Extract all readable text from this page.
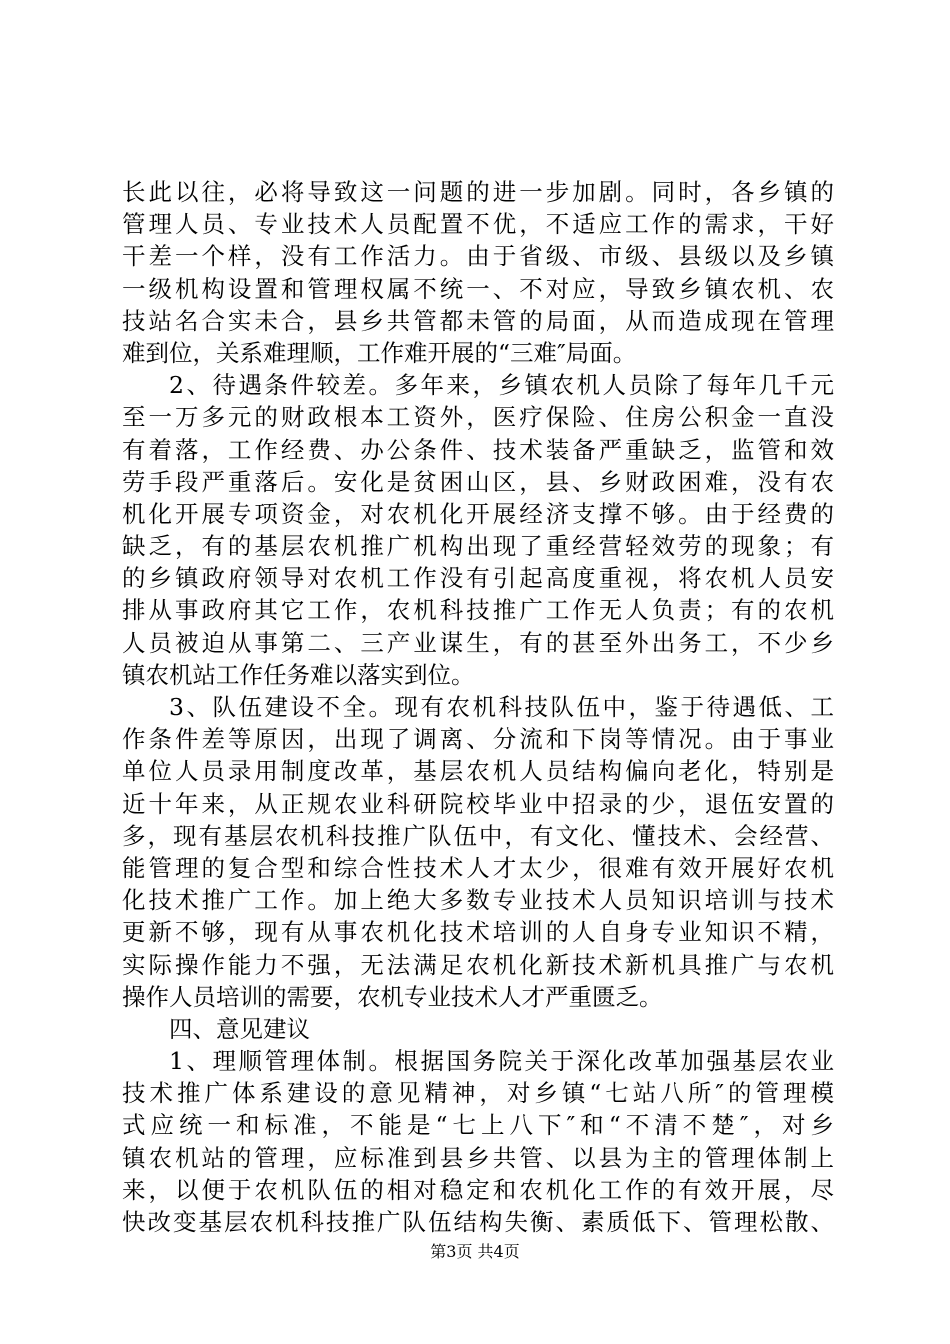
长此以往，必将导致这一问题的进一步加剧。同时，各乡镇的
管理人员、专业技术人员配置不优，不适应工作的需求，干好
干差一个样，没有工作活力。由于省级、市级、县级以及乡镇
一级机构设置和管理权属不统一、不对应，导致乡镇农机、农
技站名合实未合，县乡共管都未管的局面，从而造成现在管理
难到位，关系难理顺，工作难开展的“三难″局面。
2、待遇条件较差。多年来，乡镇农机人员除了每年几千元
至一万多元的财政根本工资外，医疗保险、住房公积金一直没
有着落，工作经费、办公条件、技术装备严重缺乏，监管和效
劳手段严重落后。安化是贫困山区，县、乡财政困难，没有农
机化开展专项资金，对农机化开展经济支撑不够。由于经费的
缺乏，有的基层农机推广机构出现了重经营轻效劳的现象；有
的乡镇政府领导对农机工作没有引起高度重视，将农机人员安
排从事政府其它工作，农机科技推广工作无人负责；有的农机
人员被迫从事第二、三产业谋生，有的甚至外出务工，不少乡
镇农机站工作任务难以落实到位。
3、队伍建设不全。现有农机科技队伍中，鉴于待遇低、工
作条件差等原因，出现了调离、分流和下岗等情况。由于事业
单位人员录用制度改革，基层农机人员结构偏向老化，特别是
近十年来，从正规农业科研院校毕业中招录的少，退伍安置的
多，现有基层农机科技推广队伍中，有文化、懂技术、会经营、
能管理的复合型和综合性技术人才太少，很难有效开展好农机
化技术推广工作。加上绝大多数专业技术人员知识培训与技术
更新不够，现有从事农机化技术培训的人自身专业知识不精，
实际操作能力不强，无法满足农机化新技术新机具推广与农机
操作人员培训的需要，农机专业技术人才严重匮乏。
四、意见建议
1、理顺管理体制。根据国务院关于深化改革加强基层农业
技术推广体系建设的意见精神，对乡镇“七站八所″的管理模
式应统一和标准，不能是“七上八下″和“不清不楚″，对乡
镇农机站的管理，应标准到县乡共管、以县为主的管理体制上
来，以便于农机队伍的相对稳定和农机化工作的有效开展，尽
快改变基层农机科技推广队伍结构失衡、素质低下、管理松散、
第3页 共4页
